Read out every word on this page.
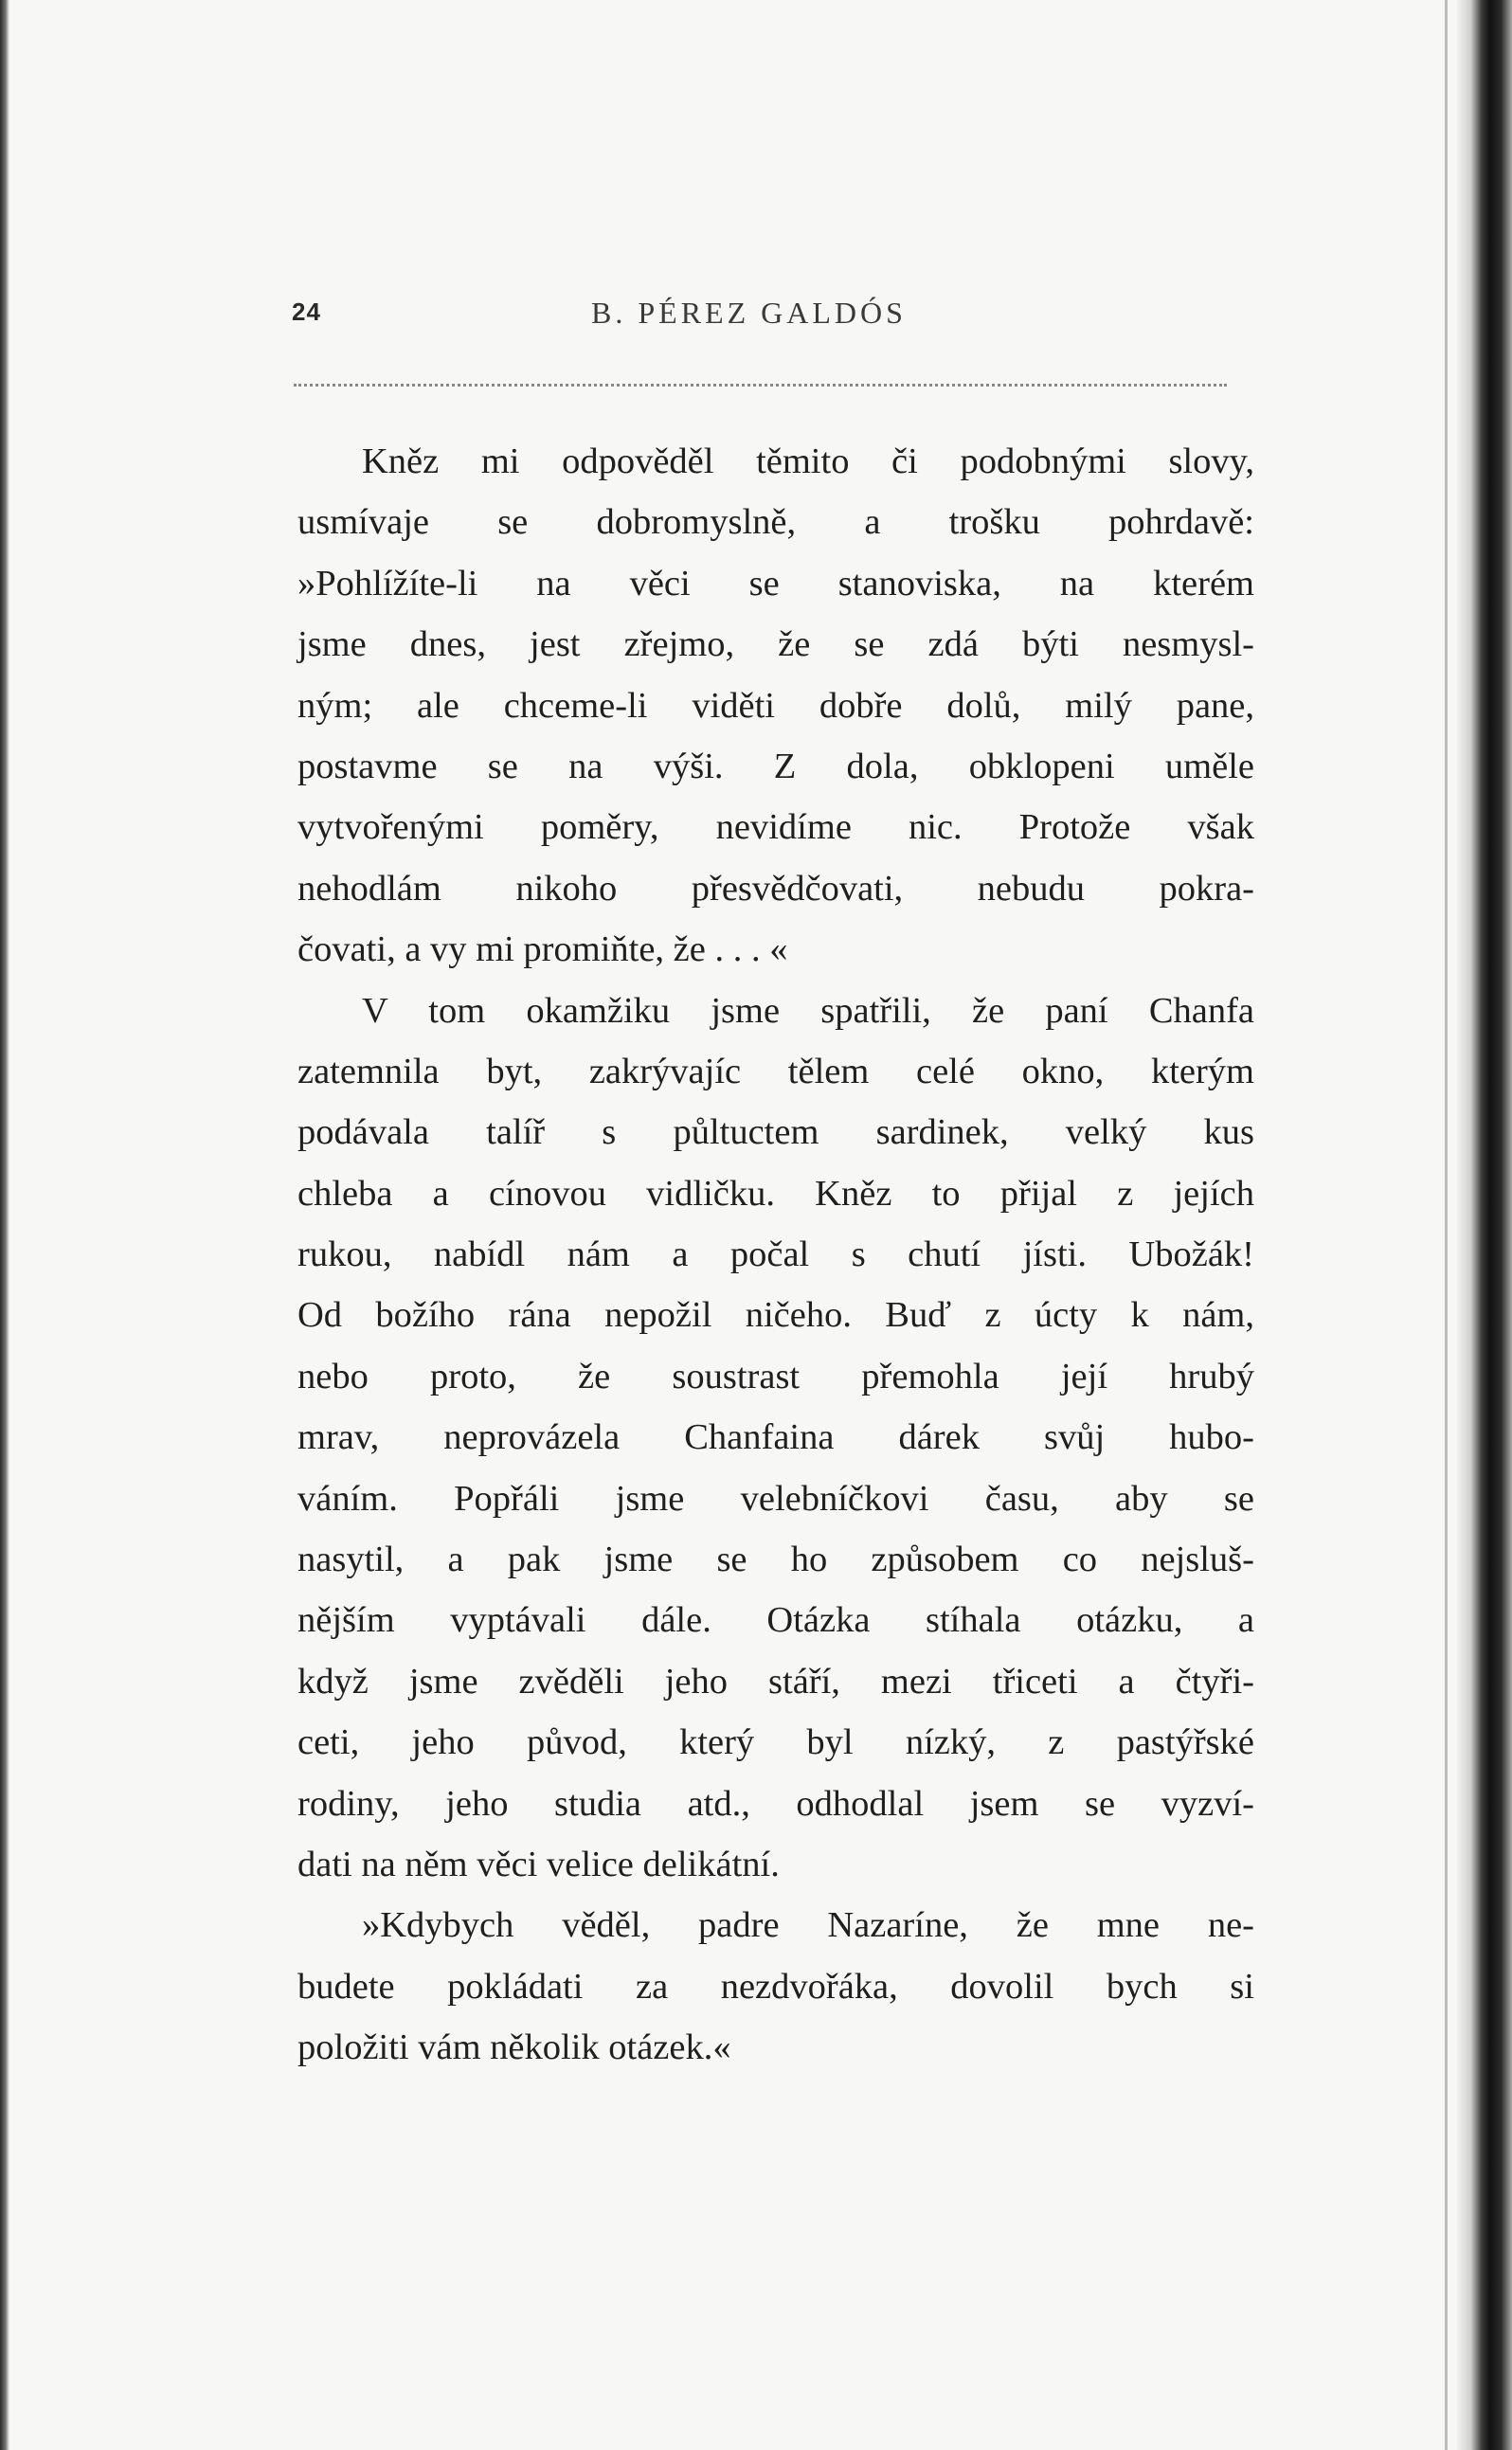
24	B. PÉREZ GALDÓS
Kněz mi odpověděl těmito či podobnými slovy,
usmívaje se dobromyslně, a trošku pohrdavě:
»Pohlížíte-li na věci se stanoviska, na kterém
jsme dnes, jest zřejmo, že se zdá býti nesmysl-
ným; ale chceme-li viděti dobře dolů, milý pane,
postavme se na výši. Z dola, obklopeni uměle
vytvořenými poměry, nevidíme nic. Protože však
nehodlám nikoho přesvědčovati, nebudu pokra-
čovati, a vy mi promiňte, že . . . «
V tom okamžiku jsme spatřili, že paní Chanfa
zatemnila byt, zakrývajíc tělem celé okno, kterým
podávala talíř s půltuctem sardinek, velký kus
chleba a cínovou vidličku. Kněz to přijal z jejích
rukou, nabídl nám a počal s chutí jísti. Ubožák!
Od božího rána nepožil ničeho. Buď z úcty k nám,
nebo proto, že soustrast přemohla její hrubý
mrav, neprovázela Chanfaina dárek svůj hubo-
váním. Popřáli jsme velebníčkovi času, aby se
nasytil, a pak jsme se ho způsobem co nejsluš-
nějším vyptávali dále. Otázka stíhala otázku, a
když jsme zvěděli jeho stáří, mezi třiceti a čtyři-
ceti, jeho původ, který byl nízký, z pastýřské
rodiny, jeho studia atd., odhodlal jsem se vyzví-
dati na něm věci velice delikátní.
»Kdybych věděl, padre Nazaríne, že mne ne-
budete pokládati za nezdvořáka, dovolil bych si
položiti vám několik otázek.«
